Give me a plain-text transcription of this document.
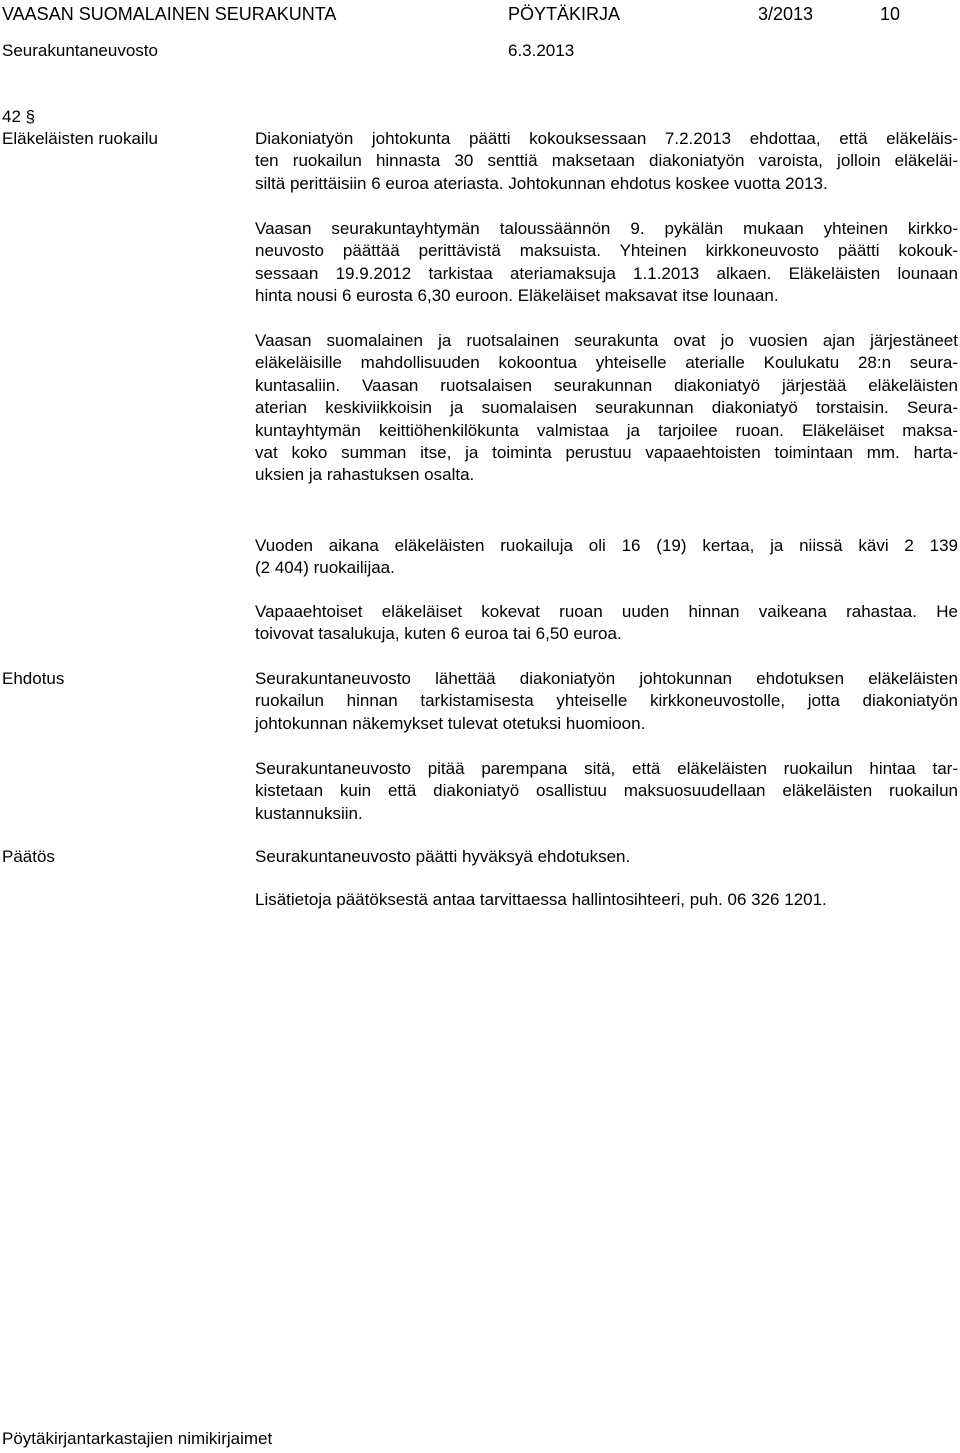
VAASAN SUOMALAINEN SEURAKUNTA	PÖYTÄKIRJA	3/2013	10
Seurakuntaneuvosto	6.3.2013
42 §
Eläkeläisten ruokailu	Diakoniatyön johtokunta päätti kokouksessaan 7.2.2013 ehdottaa, että eläkeläis-
ten ruokailun hinnasta 30 senttiä maksetaan diakoniatyön varoista, jolloin eläkeläi-
siltä perittäisiin 6 euroa ateriasta. Johtokunnan ehdotus koskee vuotta 2013.
Vaasan seurakuntayhtymän taloussäännön 9. pykälän mukaan yhteinen kirkko-
neuvosto päättää perittävistä maksuista. Yhteinen kirkkoneuvosto päätti kokouk-
sessaan 19.9.2012 tarkistaa ateriamaksuja 1.1.2013 alkaen. Eläkeläisten lounaan
hinta nousi 6 eurosta 6,30 euroon. Eläkeläiset maksavat itse lounaan.
Vaasan suomalainen ja ruotsalainen seurakunta ovat jo vuosien ajan järjestäneet
eläkeläisille mahdollisuuden kokoontua yhteiselle aterialle Koulukatu 28:n seura-
kuntasaliin. Vaasan ruotsalaisen seurakunnan diakoniatyö järjestää eläkeläisten
aterian keskiviikkoisin ja suomalaisen seurakunnan diakoniatyö torstaisin. Seura-
kuntayhtymän keittiöhenkilökunta valmistaa ja tarjoilee ruoan. Eläkeläiset maksa-
vat koko summan itse, ja toiminta perustuu vapaaehtoisten toimintaan mm. harta-
uksien ja rahastuksen osalta.
Vuoden aikana eläkeläisten ruokailuja oli 16 (19) kertaa, ja niissä kävi 2 139
(2 404) ruokailijaa.
Vapaaehtoiset eläkeläiset kokevat ruoan uuden hinnan vaikeana rahastaa. He
toivovat tasalukuja, kuten 6 euroa tai 6,50 euroa.
Ehdotus	Seurakuntaneuvosto lähettää diakoniatyön johtokunnan ehdotuksen eläkeläisten
ruokailun hinnan tarkistamisesta yhteiselle kirkkoneuvostolle, jotta diakoniatyön
johtokunnan näkemykset tulevat otetuksi huomioon.
Seurakuntaneuvosto pitää parempana sitä, että eläkeläisten ruokailun hintaa tar-
kistetaan kuin että diakoniatyö osallistuu maksuosuudellaan eläkeläisten ruokailun
kustannuksiin.
Päätös	Seurakuntaneuvosto päätti hyväksyä ehdotuksen.
Lisätietoja päätöksestä antaa tarvittaessa hallintosihteeri, puh. 06 326 1201.
Pöytäkirjantarkastajien nimikirjaimet
